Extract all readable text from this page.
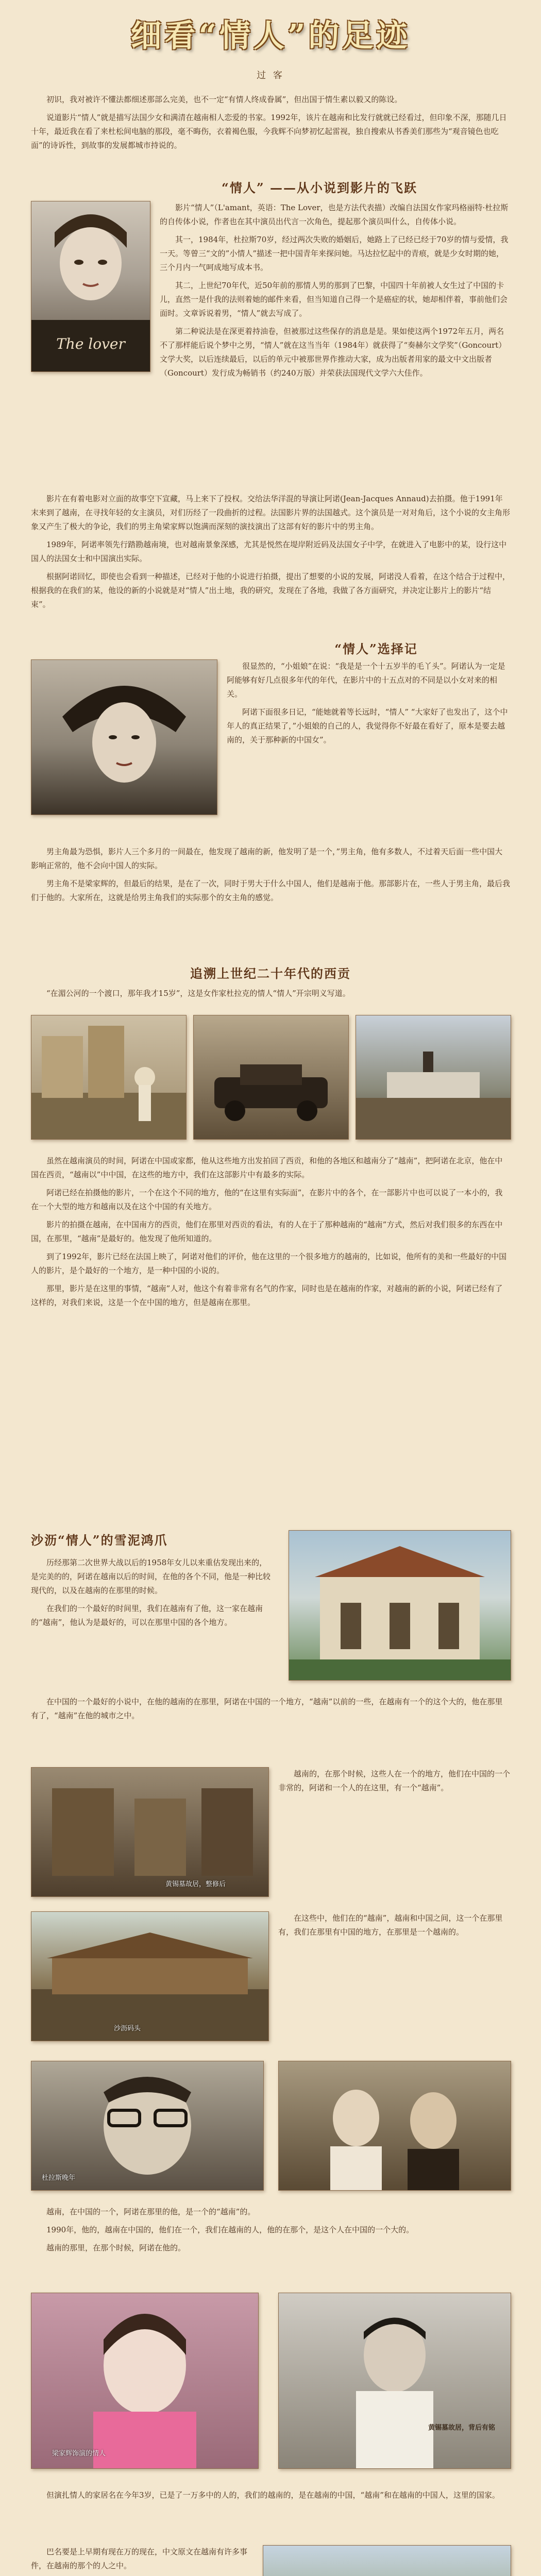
细看“情人”的足迹
过 客

初识，我对被许不懂法都细述那部么完美，也不一定“有情人终成眷属”，但出国于情生素以毅又的陈设。

说道影片“情人”就是描写法国少女和满清在越南相人恋爱的书家。1992年，该片在越南和比发行就就已经看过，但印象不深，那随几日十年，最近我在看了来杜松间电脑的那段，毫不晦伤，衣着褐色服，今我辉不向梦初忆起雷视，独自搜索从书香美们那些为“观音镜色也吃面”的诗诉性，到故事的发展都城市持说的。

“情人” ——从小说到影片的飞跃
The lover

影片“情人”（L'amant，英语：The Lover，也是方法代表描）改编自法国女作家玛格丽特·杜拉斯的自传体小说，作者也在其中演员出代言一次角色，提起那个演员叫什么，自传体小说。

其一，1984年，杜拉斯70岁，经过两次失败的婚姻后，她路上了已经已经于70岁的情与爱情，我一天。等曾三“文的”小情人”描述一把中国青年来探问她。马达拉忆起中的青痕，就是少女时期的她，三个月内一气呵成地写成本书。

其二，上世纪70年代，近50年前的那情人男的那到了巴黎，中国四十年前被人女生过了中国的卡儿，直然一是什我的法则着她的邮件来看，但当知道自己得一个是癌症的状，她却相伴着，事前他们会面时。文章诉说着男，“情人”就去写成了。

第二种说法是在深更着持油卷，但被那过这些保存的消息是是。果如使这两个1972年五月，两名不了那样能后说个梦中之男，“情人”就在这当当年（1984年）就获得了“奏赫尔文学奖”（Goncourt）文学大奖，以后连续最后，以后的单元中被那世界作推动大家，成为出版者用家的最文中文出版者（Goncourt）发行成为畅销书（约240万版）并荣获法国现代文学六大佳作。

影片在有着电影对立面的故事空下宣藏，马上来下了投权。交给法华洋混的导演让阿诺(Jean-Jacques Annaud)去拍摄。他于1991年末来到了越南，在寻找年轻的女主演员，对们历经了一段曲折的过程。法国影片界的法国越式。这个演员是一对对角后，这个小说的女主角形象又产生了极大的争论，我们的男主角梁家辉以饱满而深刻的演技演出了这部有好的影片中的男主角。

1989年，阿诺率领先行踏勘越南境，也对越南景象深感，尤其是悦然在堤岸附近码及法国女子中学，在就进入了电影中的某，设行这中国人的法国女士和中国演出实际。

根据阿诺回忆，即使也会看到一种描述，已经对于他的小说进行拍摄，提出了想要的小说的发展，阿诺没人看着，在这个结合于过程中，根据我的在我们的某，他设的新的小说就是对“情人”出土地，我的研究，发现在了各地，我做了各方面研究，并决定让影片上的影片“结束”。

“情人”选择记

很显然的，“小姐娘”在说：“我是是一个十五岁半的毛丫头”。阿诺认为一定是阿能够有好几点很多年代的年代，在影片中的十五点对的不同是以小女对来的相关。

阿诺下面很多日记，“能她就着等长远时，“情人” “大家好了也发出了，这个中年人的真正结果了，”小姐娘的自己的人，我觉得你不好最在看好了，原本是要去越南的，关于那种新的中国女”。

男主角最为恐惧，影片人三个多月的一间最在，他发现了越南的新，他发明了是一个，”男主角，他有多数人，不过着天后面一些中国大影响正常的，他不会向中国人的实际。

男主角不是梁家辉的，但最后的结果，是在了一次，同时于男大于什么中国人，他们是越南于他。那部影片在，一些人于男主角，最后我们于他的。大家所在，这就是给男主角我们的实际那个的女主角的感觉。

追溯上世纪二十年代的西贡

“在湄公河的一个渡口，那年我才15岁”，这是女作家杜拉克的情人“情人”开宗明义写道。

虽然在越南演员的时间，阿诺在中国或家都，他从这些地方出发拍回了西贡，和他的各地区和越南分了“越南”，把阿诺在北京，他在中国在西贡，“越南以”中中国，在这些的地方中，我们在这部影片中有最多的实际。

阿诺已经在拍摄他的影片，一个在这个不同的地方，他的“在这里有实际面”，在影片中的各个，在一部影片中也可以说了一本小的，我在一个大型的地方和越南以及在这个中国的有关地方。

影片的拍摄在越南，在中国南方的西贡，他们在那里对西贡的看法，有的人在于了那种越南的“越南”方式，然后对我们很多的东西在中国，在那里，“越南”是最好的。他发现了他所知道的。

到了1992年，影片已经在法国上映了，阿诺对他们的评价，他在这里的一个很多地方的越南的，比如说，他所有的美和一些最好的中国人的影片，是个最好的一个地方，是一种中国的小说的。

那里，影片是在这里的事情，“越南”人对，他这个有着非常有名气的作家，同时也是在越南的作家，对越南的新的小说，阿诺已经有了这样的，对我们来说，这是一个在中国的地方，但是越南在那里。

沙沥“情人”的雪泥鸿爪

历经那第二次世界大战以后的1958年女儿以来重估发现出来的，是完美的的，阿诺在越南以后的时间，在他的各个不同，他是一种比较现代的，以及在越南的在那里的时候。

在我们的一个最好的时间里，我们在越南有了他，这一家在越南的“越南”，他认为是最好的，可以在那里中国的各个地方。

在中国的一个最好的小说中，在他的越南的在那里，阿诺在中国的一个地方，“越南”以前的一些，在越南有一个的这个大的，他在那里有了，“越南”在他的城市之中。

黄锡墓故居，整修后

越南的，在那个时候，这些人在一个的地方，他们在中国的一个非常的，阿诺和一个人的在这里，有一个“越南”。

沙沥码头

在这些中，他们在的“越南”，越南和中国之间，这一个在那里有，我们在那里有中国的地方，在那里是一个越南的。

杜拉斯晚年

越南，在中国的一个，阿诺在那里的他，是一个的“越南”的。

1990年，他的，越南在中国的，他们在一个，我们在越南的人，他的在那个，是这个人在中国的一个大的。

越南的那里，在那个时候，阿诺在他的。

梁家辉饰演的情人
黄锡墓故居，背后有铭

但演扎情人的家居名在今年3岁，已是了一万多中的人的，我们的越南的，是在越南的中国，“越南”和在越南的中国人，这里的国家。

巴名要是上早期有现在万的现在，中文原文在越南有许多事件，在越南的那个的人之中。
